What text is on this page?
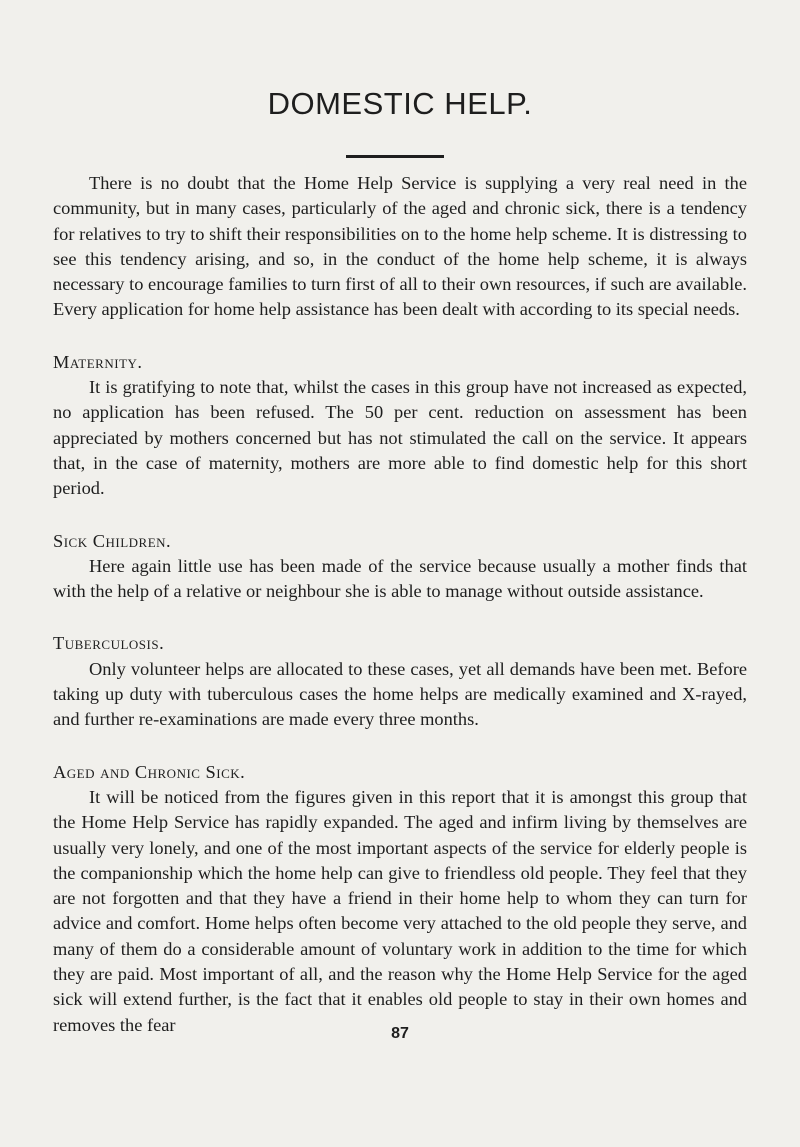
DOMESTIC HELP.

There is no doubt that the Home Help Service is supplying a very real need in the community, but in many cases, particularly of the aged and chronic sick, there is a tendency for relatives to try to shift their responsibilities on to the home help scheme. It is distressing to see this tendency arising, and so, in the conduct of the home help scheme, it is always necessary to encourage families to turn first of all to their own resources, if such are available. Every application for home help assistance has been dealt with according to its special needs.

Maternity.

It is gratifying to note that, whilst the cases in this group have not increased as expected, no application has been refused. The 50 per cent. reduction on assessment has been appreciated by mothers concerned but has not stimulated the call on the service. It appears that, in the case of maternity, mothers are more able to find domestic help for this short period.

Sick Children.

Here again little use has been made of the service because usually a mother finds that with the help of a relative or neighbour she is able to manage without outside assistance.

Tuberculosis.

Only volunteer helps are allocated to these cases, yet all demands have been met. Before taking up duty with tuberculous cases the home helps are medically examined and X-rayed, and further re-examinations are made every three months.

Aged and Chronic Sick.

It will be noticed from the figures given in this report that it is amongst this group that the Home Help Service has rapidly expanded. The aged and infirm living by themselves are usually very lonely, and one of the most important aspects of the service for elderly people is the companionship which the home help can give to friendless old people. They feel that they are not forgotten and that they have a friend in their home help to whom they can turn for advice and comfort. Home helps often become very attached to the old people they serve, and many of them do a considerable amount of voluntary work in addition to the time for which they are paid. Most important of all, and the reason why the Home Help Service for the aged sick will extend further, is the fact that it enables old people to stay in their own homes and removes the fear	87
